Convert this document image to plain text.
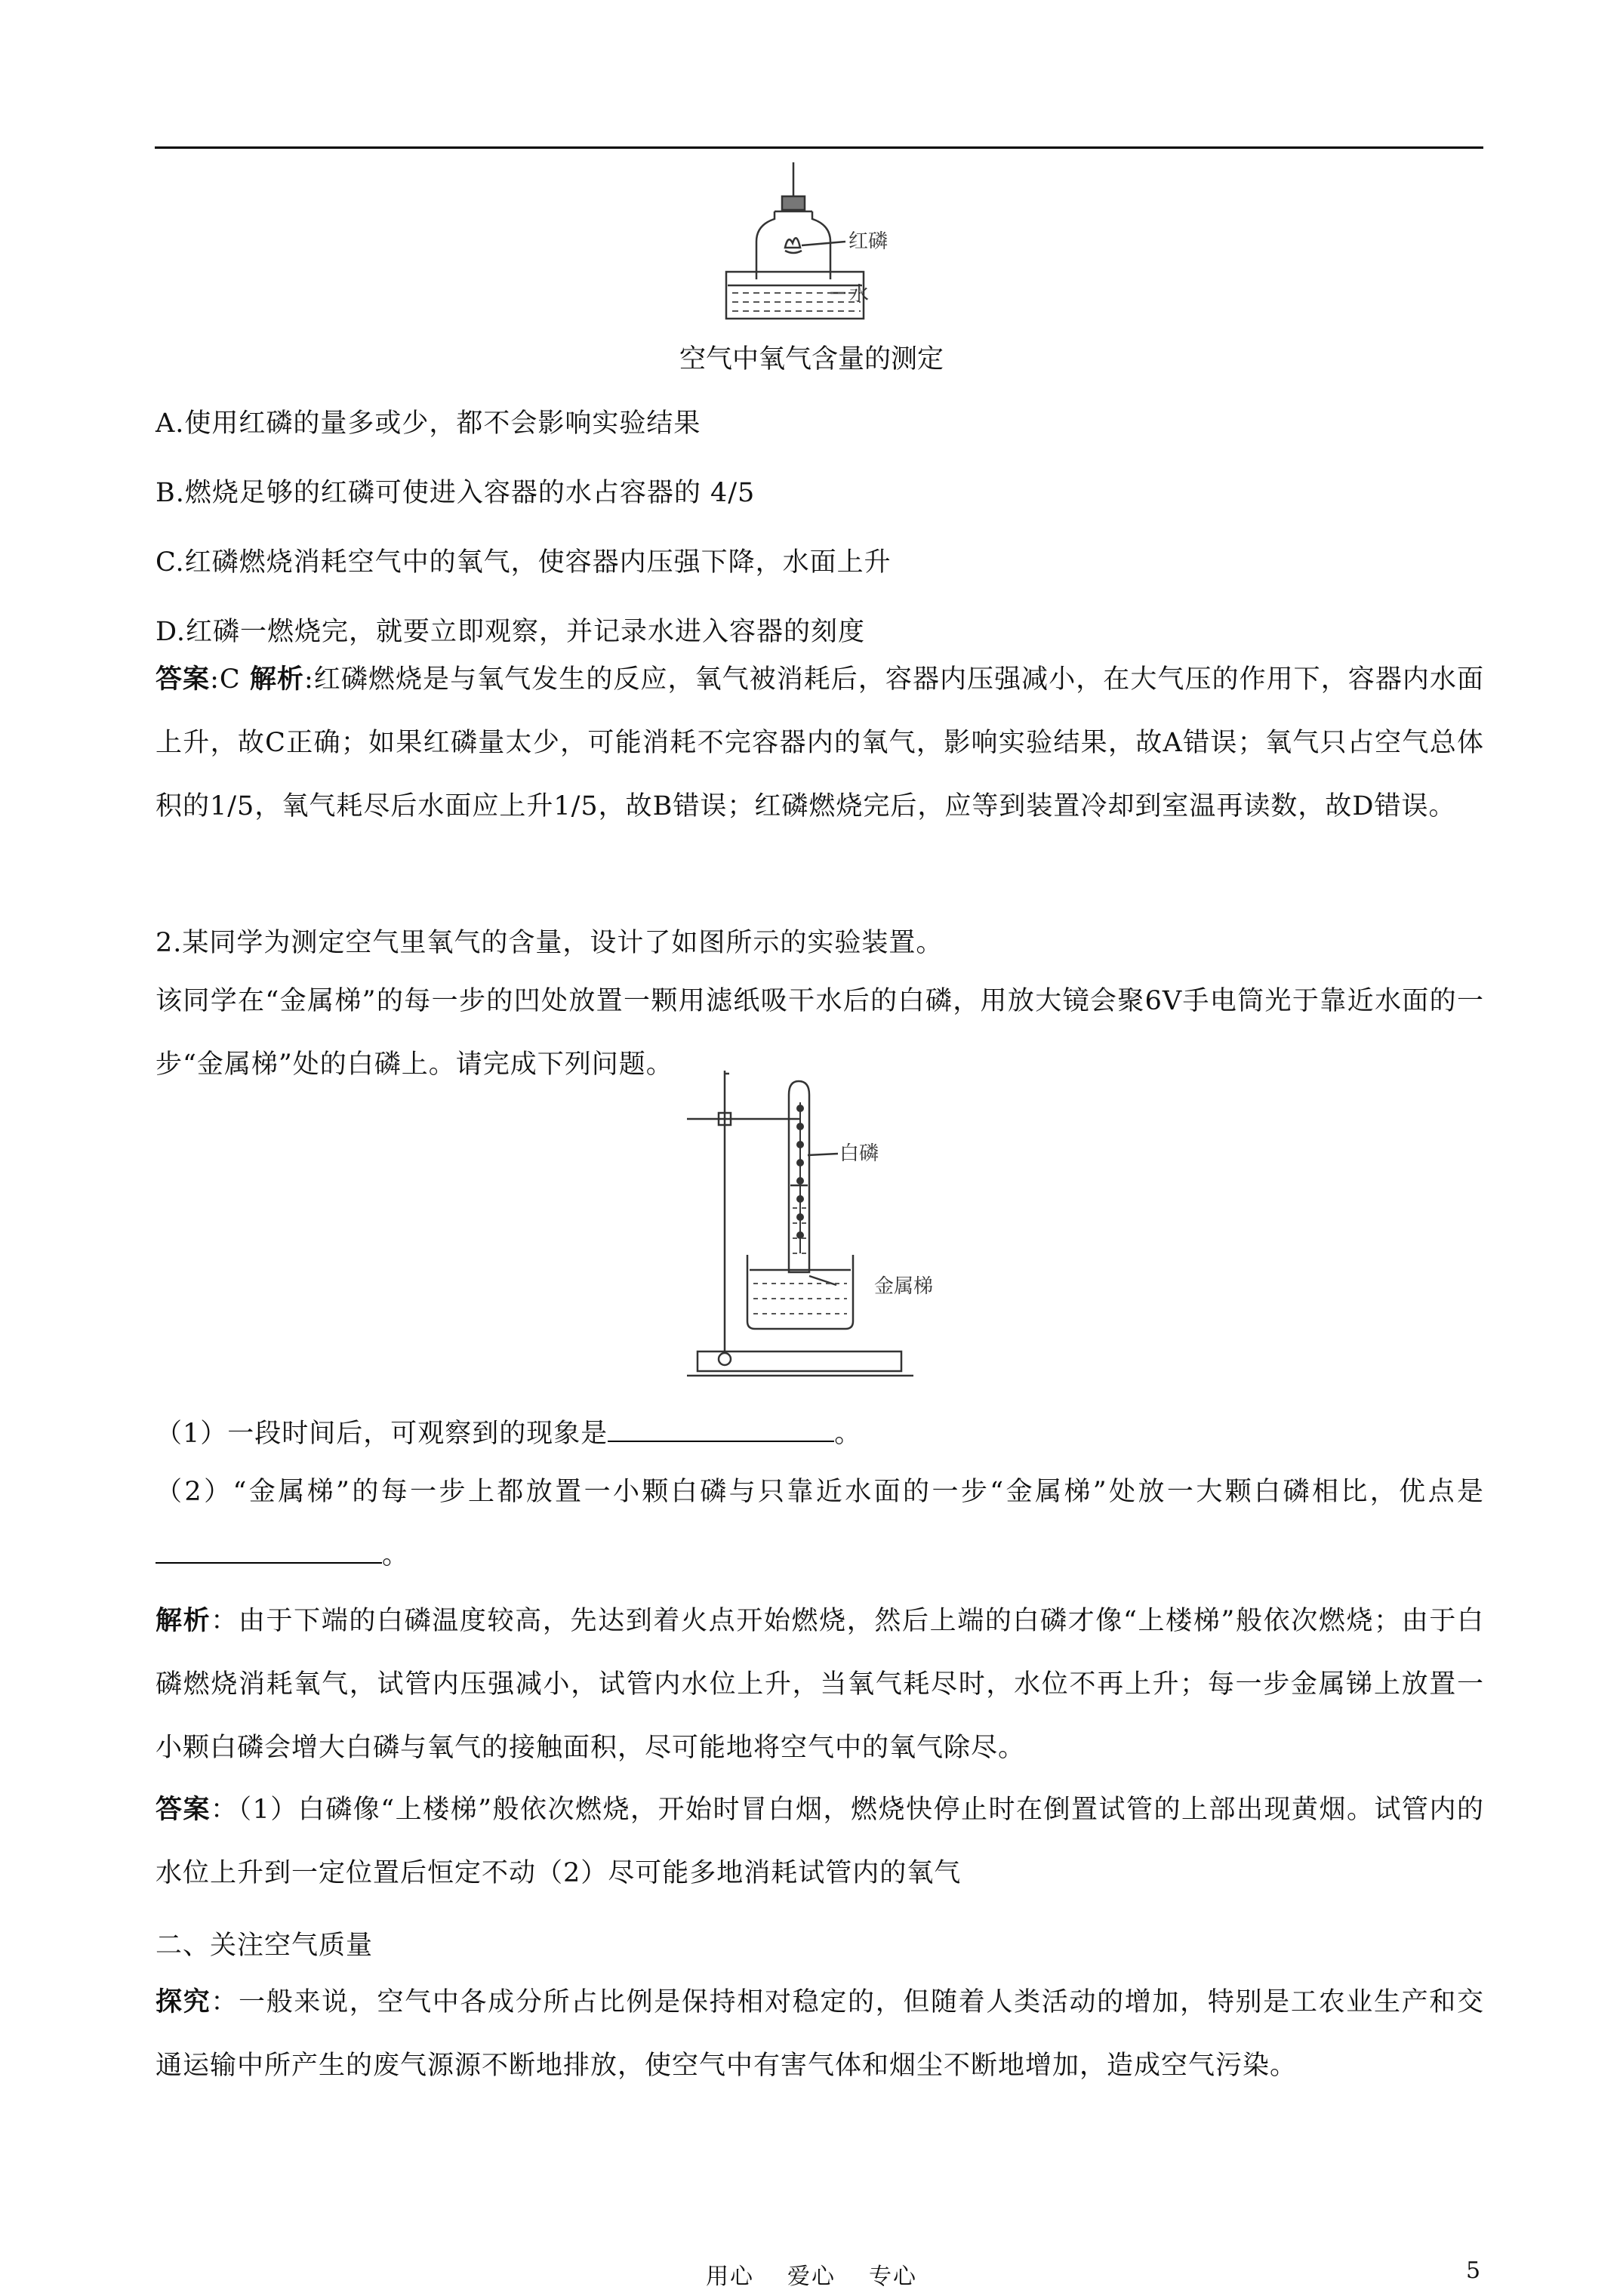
红磷
水
空气中氧气含量的测定

A.使用红磷的量多或少，都不会影响实验结果

B.燃烧足够的红磷可使进入容器的水占容器的 4/5

C.红磷燃烧消耗空气中的氧气，使容器内压强下降，水面上升

D.红磷一燃烧完，就要立即观察，并记录水进入容器的刻度

答案:C 解析:红磷燃烧是与氧气发生的反应，氧气被消耗后，容器内压强减小，在大气压的作用下，容器内水面上升，故C正确；如果红磷量太少，可能消耗不完容器内的氧气，影响实验结果，故A错误；氧气只占空气总体积的1/5，氧气耗尽后水面应上升1/5，故B错误；红磷燃烧完后，应等到装置冷却到室温再读数，故D错误。

2.某同学为测定空气里氧气的含量，设计了如图所示的实验装置。

该同学在“金属梯”的每一步的凹处放置一颗用滤纸吸干水后的白磷，用放大镜会聚6V手电筒光于靠近水面的一步“金属梯”处的白磷上。请完成下列问题。

白磷
金属梯

（1）一段时间后，可观察到的现象是	。

（2）“金属梯”的每一步上都放置一小颗白磷与只靠近水面的一步“金属梯”处放一大颗白磷相比，优点是。

解析：由于下端的白磷温度较高，先达到着火点开始燃烧，然后上端的白磷才像“上楼梯”般依次燃烧；由于白磷燃烧消耗氧气，试管内压强减小，试管内水位上升，当氧气耗尽时，水位不再上升；每一步金属锑上放置一小颗白磷会增大白磷与氧气的接触面积，尽可能地将空气中的氧气除尽。

答案：（1）白磷像“上楼梯”般依次燃烧，开始时冒白烟，燃烧快停止时在倒置试管的上部出现黄烟。试管内的水位上升到一定位置后恒定不动（2）尽可能多地消耗试管内的氧气

二、关注空气质量

探究：一般来说，空气中各成分所占比例是保持相对稳定的，但随着人类活动的增加，特别是工农业生产和交通运输中所产生的废气源源不断地排放，使空气中有害气体和烟尘不断地增加，造成空气污染。

用心 爱心 专心	5
